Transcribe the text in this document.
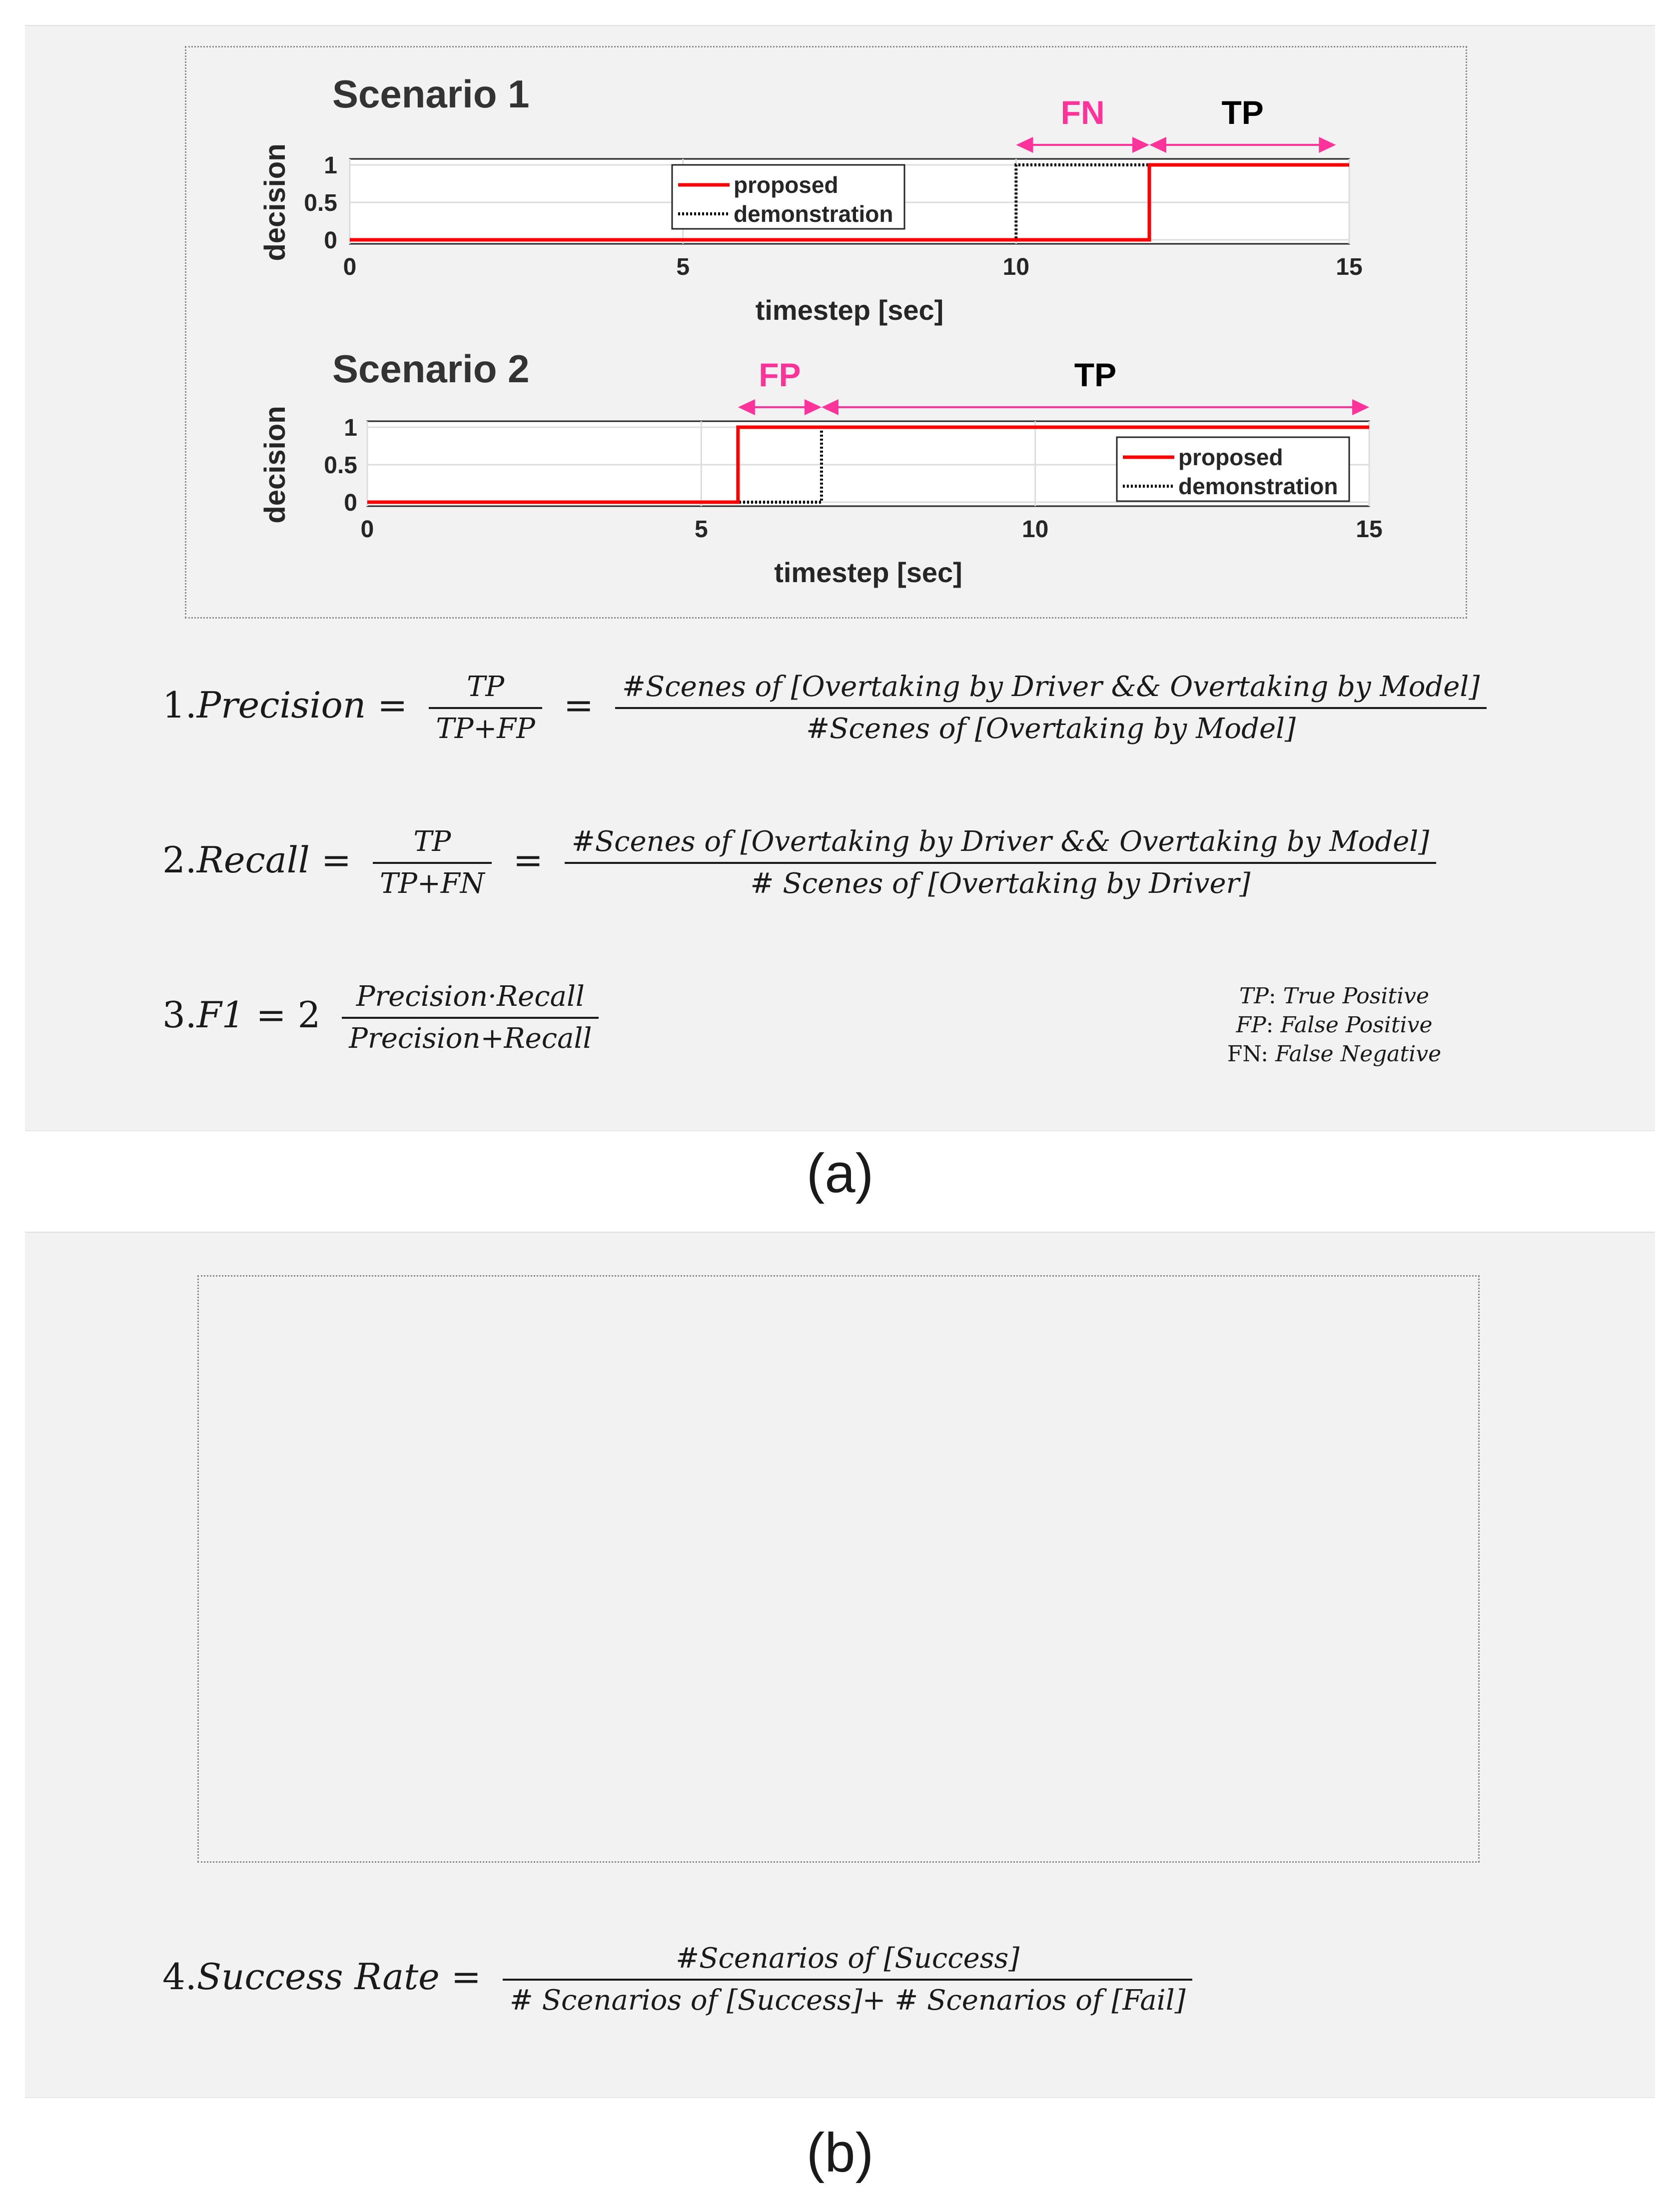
0	5	10	15
0
0.5
1
Scenario 1
decision
timestep [sec]
proposed
demonstration
FN	TP
0	5	10	15
0
0.5
1
Scenario 2
decision
timestep [sec]
proposed
demonstration
FP	TP
1.Precision = $\frac{TP}{TP+FP} = \frac{\text{\#Scenes of [Overtaking by Driver \&\& Overtaking by Model]}}{\text{\#Scenes of [Overtaking by Model]}}$
2.Recall = $\frac{TP}{TP+FN} = \frac{\text{\#Scenes of [Overtaking by Driver \&\& Overtaking by Model]}}{\text{\# Scenes of [Overtaking by Driver]}}$
$3.F1 = 2 \frac{\text{Precision·Recall}}{\text{Precision+Recall}}$	TP: True Positive
FP: False Positive
FN: False Negative
(a)
4.Success Rate = $\frac{\text{\#Scenarios of [Success]}}{\text{\# Scenarios of [Success]+ \# Scenarios of [Fail]}}$
(b)
